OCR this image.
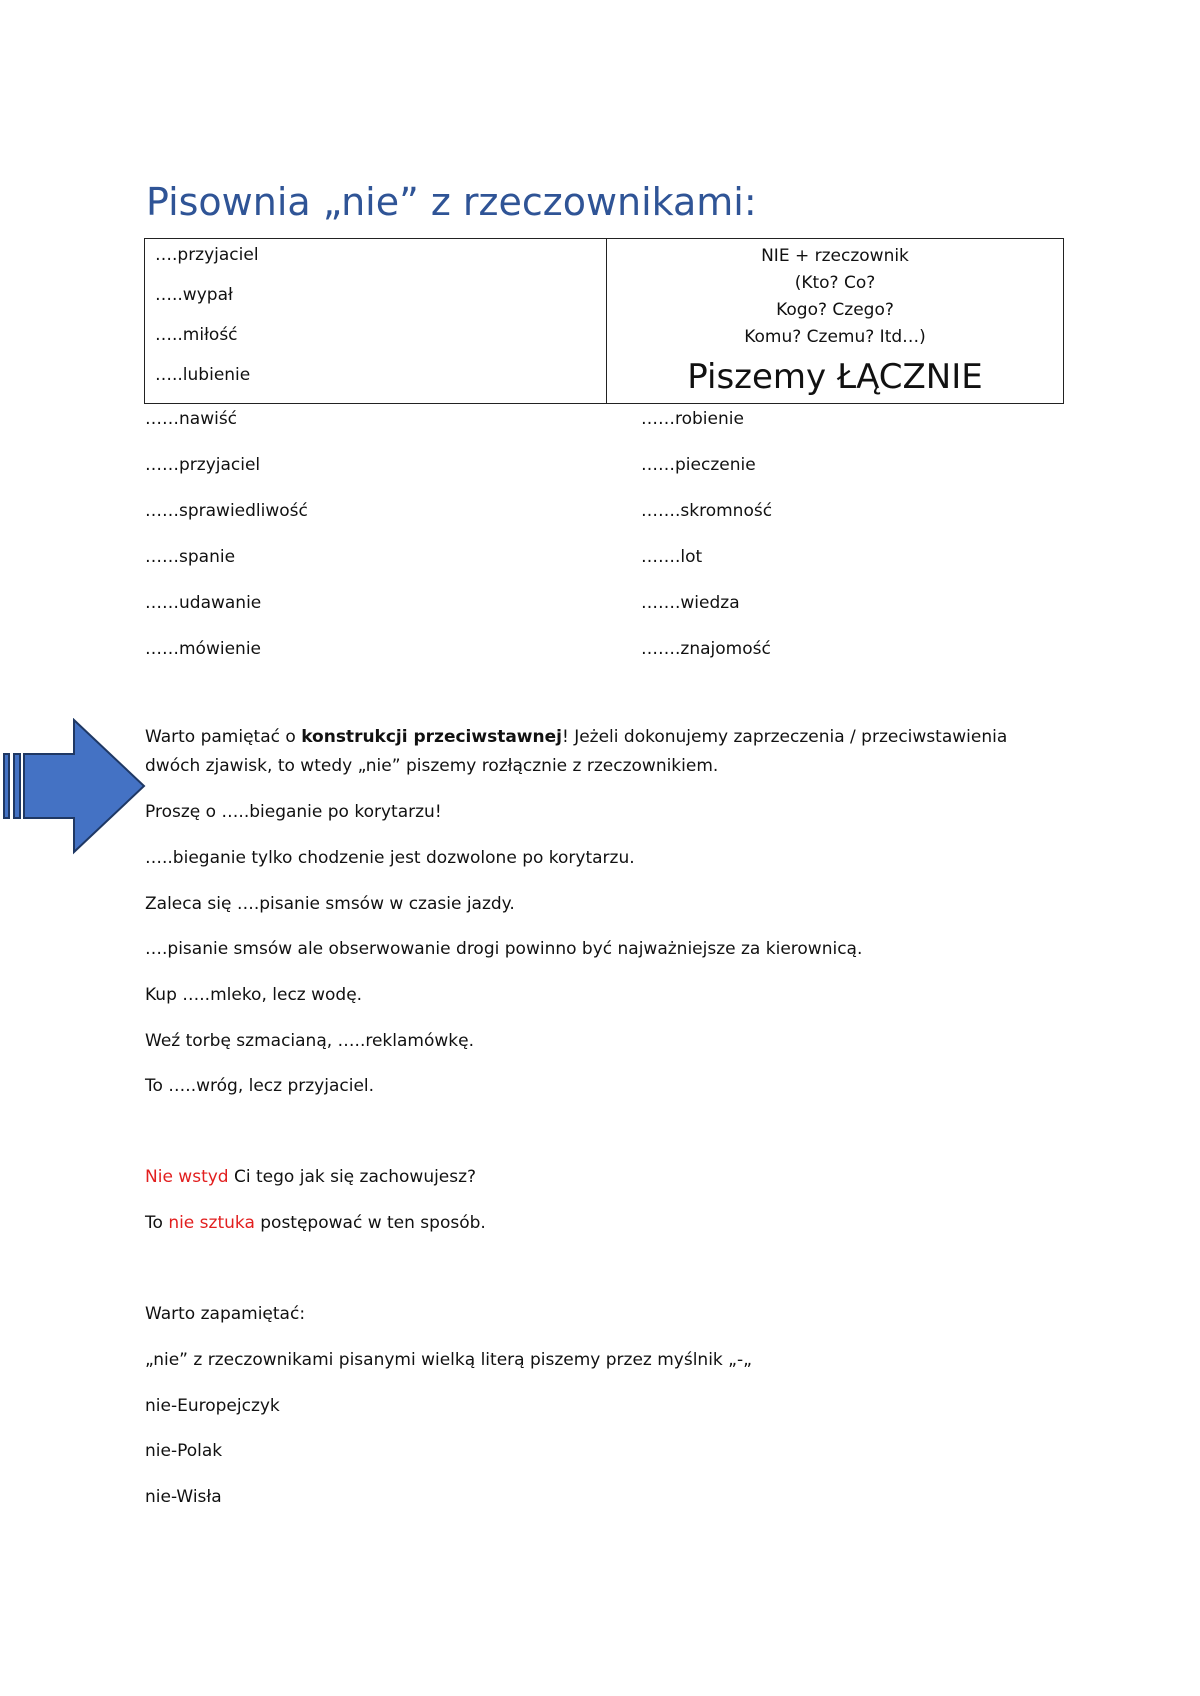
Pisownia „nie” z rzeczownikami:
….przyjaciel
…..wypał
…..miłość
…..lubienie

NIE + rzeczownik
(Kto? Co?
Kogo? Czego?
Komu? Czemu? Itd…)
Piszemy ŁĄCZNIE
……nawiść
……przyjaciel
……sprawiedliwość
……spanie
……udawanie
……mówienie
……robienie
……pieczenie
…….skromność
…….lot
…….wiedza
…….znajomość
Warto pamiętać o konstrukcji przeciwstawnej! Jeżeli dokonujemy zaprzeczenia / przeciwstawienia
dwóch zjawisk, to wtedy „nie” piszemy rozłącznie z rzeczownikiem.
Proszę o …..bieganie po korytarzu!
…..bieganie tylko chodzenie jest dozwolone po korytarzu.
Zaleca się ….pisanie smsów w czasie jazdy.
….pisanie smsów ale obserwowanie drogi powinno być najważniejsze za kierownicą.
Kup …..mleko, lecz wodę.
Weź torbę szmacianą, …..reklamówkę.
To …..wróg, lecz przyjaciel.
Nie wstyd Ci tego jak się zachowujesz?
To nie sztuka postępować w ten sposób.
Warto zapamiętać:
„nie” z rzeczownikami pisanymi wielką literą piszemy przez myślnik „-„
nie-Europejczyk
nie-Polak
nie-Wisła
